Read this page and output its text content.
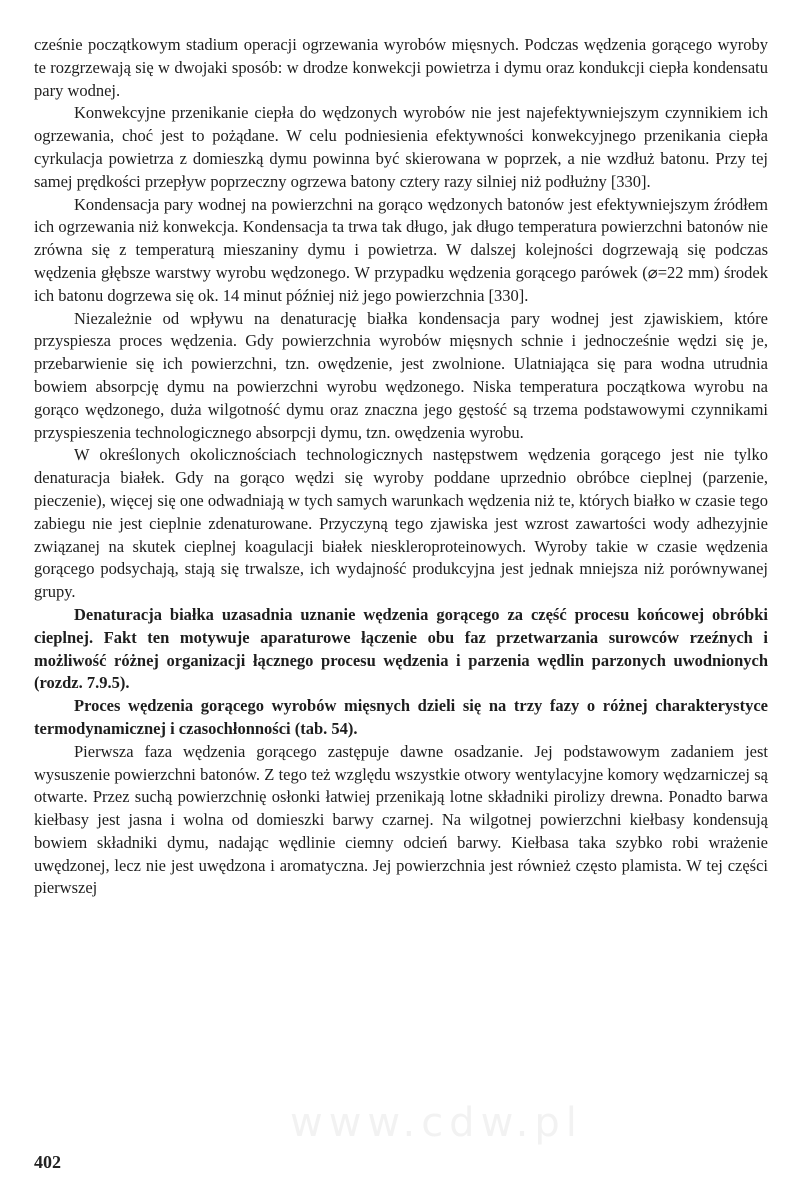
cześnie początkowym stadium operacji ogrzewania wyrobów mięsnych. Podczas wędzenia gorącego wyroby te rozgrzewają się w dwojaki sposób: w drodze konwekcji powietrza i dymu oraz kondukcji ciepła kondensatu pary wodnej.

Konwekcyjne przenikanie ciepła do wędzonych wyrobów nie jest najefektywniejszym czynnikiem ich ogrzewania, choć jest to pożądane. W celu podniesienia efektywności konwekcyjnego przenikania ciepła cyrkulacja powietrza z domieszką dymu powinna być skierowana w poprzek, a nie wzdłuż batonu. Przy tej samej prędkości przepływ poprzeczny ogrzewa batony cztery razy silniej niż podłużny [330].

Kondensacja pary wodnej na powierzchni na gorąco wędzonych batonów jest efektywniejszym źródłem ich ogrzewania niż konwekcja. Kondensacja ta trwa tak długo, jak długo temperatura powierzchni batonów nie zrówna się z temperaturą mieszaniny dymu i powietrza. W dalszej kolejności dogrzewają się podczas wędzenia głębsze warstwy wyrobu wędzonego. W przypadku wędzenia gorącego parówek (⌀=22 mm) środek ich batonu dogrzewa się ok. 14 minut później niż jego powierzchnia [330].

Niezależnie od wpływu na denaturację białka kondensacja pary wodnej jest zjawiskiem, które przyspiesza proces wędzenia. Gdy powierzchnia wyrobów mięsnych schnie i jednocześnie wędzi się je, przebarwienie się ich powierzchni, tzn. owędzenie, jest zwolnione. Ulatniająca się para wodna utrudnia bowiem absorpcję dymu na powierzchni wyrobu wędzonego. Niska temperatura początkowa wyrobu na gorąco wędzonego, duża wilgotność dymu oraz znaczna jego gęstość są trzema podstawowymi czynnikami przyspieszenia technologicznego absorpcji dymu, tzn. owędzenia wyrobu.

W określonych okolicznościach technologicznych następstwem wędzenia gorącego jest nie tylko denaturacja białek. Gdy na gorąco wędzi się wyroby poddane uprzednio obróbce cieplnej (parzenie, pieczenie), więcej się one odwadniają w tych samych warunkach wędzenia niż te, których białko w czasie tego zabiegu nie jest cieplnie zdenaturowane. Przyczyną tego zjawiska jest wzrost zawartości wody adhezyjnie związanej na skutek cieplnej koagulacji białek nieskleroproteinowych. Wyroby takie w czasie wędzenia gorącego podsychają, stają się trwalsze, ich wydajność produkcyjna jest jednak mniejsza niż porównywanej grupy.

Denaturacja białka uzasadnia uznanie wędzenia gorącego za część procesu końcowej obróbki cieplnej. Fakt ten motywuje aparaturowe łączenie obu faz przetwarzania surowców rzeźnych i możliwość różnej organizacji łącznego procesu wędzenia i parzenia wędlin parzonych uwodnionych (rozdz. 7.9.5).

Proces wędzenia gorącego wyrobów mięsnych dzieli się na trzy fazy o różnej charakterystyce termodynamicznej i czasochłonności (tab. 54).

Pierwsza faza wędzenia gorącego zastępuje dawne osadzanie. Jej podstawowym zadaniem jest wysuszenie powierzchni batonów. Z tego też względu wszystkie otwory wentylacyjne komory wędzarniczej są otwarte. Przez suchą powierzchnię osłonki łatwiej przenikają lotne składniki pirolizy drewna. Ponadto barwa kiełbasy jest jasna i wolna od domieszki barwy czarnej. Na wilgotnej powierzchni kiełbasy kondensują bowiem składniki dymu, nadając wędlinie ciemny odcień barwy. Kiełbasa taka szybko robi wrażenie uwędzonej, lecz nie jest uwędzona i aromatyczna. Jej powierzchnia jest również często plamista. W tej części pierwszej

www.cdw.pl
402
